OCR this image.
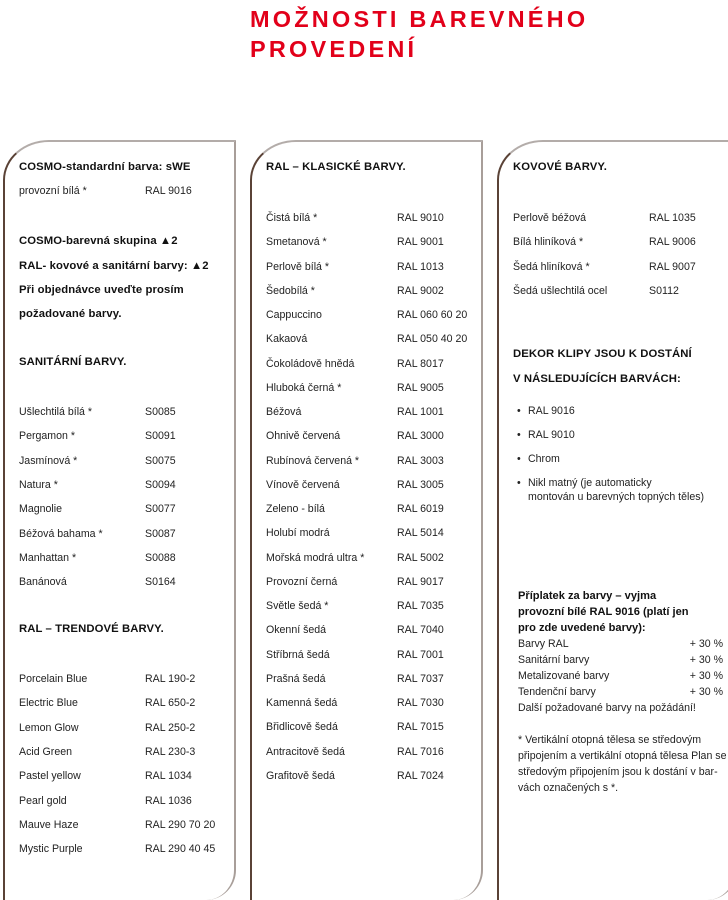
MOŽNOSTI BAREVNÉHO
PROVEDENÍ
COSMO-standardní barva: sWE
provozní bílá *	RAL 9016
COSMO-barevná skupina ▲2
RAL- kovové a sanitární barvy: ▲2
Při objednávce uveďte prosím
požadované barvy.
SANITÁRNÍ BARVY.
Ušlechtilá bílá *	S0085
Pergamon *	S0091
Jasmínová *	S0075
Natura *	S0094
Magnolie	S0077
Béžová bahama *	S0087
Manhattan *	S0088
Banánová	S0164
RAL – TRENDOVÉ BARVY.
Porcelain Blue	RAL 190-2
Electric Blue	RAL 650-2
Lemon Glow	RAL 250-2
Acid Green	RAL 230-3
Pastel yellow	RAL 1034
Pearl gold	RAL 1036
Mauve Haze	RAL 290 70 20
Mystic Purple	RAL 290 40 45
RAL – KLASICKÉ BARVY.
Čistá bílá *	RAL 9010
Smetanová *	RAL 9001
Perlově bílá *	RAL 1013
Šedobílá *	RAL 9002
Cappuccino	RAL 060 60 20
Kakaová	RAL 050 40 20
Čokoládově hnědá	RAL 8017
Hluboká černá *	RAL 9005
Béžová	RAL 1001
Ohnivě červená	RAL 3000
Rubínová červená *	RAL 3003
Vínově červená	RAL 3005
Zeleno - bílá	RAL 6019
Holubí modrá	RAL 5014
Mořská modrá ultra *	RAL 5002
Provozní černá	RAL 9017
Světle šedá *	RAL 7035
Okenní šedá	RAL 7040
Stříbrná šedá	RAL 7001
Prašná šedá	RAL 7037
Kamenná šedá	RAL 7030
Břidlicově šedá	RAL 7015
Antracitově šedá	RAL 7016
Grafitově šedá	RAL 7024
KOVOVÉ BARVY.
Perlově béžová	RAL 1035
Bílá hliníková *	RAL 9006
Šedá hliníková *	RAL 9007
Šedá ušlechtilá ocel	S0112
DEKOR KLIPY JSOU K DOSTÁNÍ
V NÁSLEDUJÍCÍCH BARVÁCH:
• RAL 9016
• RAL 9010
• Chrom
• Nikl matný (je automaticky
montován u barevných topných těles)
Příplatek za barvy – vyjma
provozní bílé RAL 9016 (platí jen
pro zde uvedené barvy):
Barvy RAL	+ 30 %
Sanitární barvy	+ 30 %
Metalizované barvy	+ 30 %
Tendenční barvy	+ 30 %
Další požadované barvy na požádání!
* Vertikální otopná tělesa se středovým
připojením a vertikální otopná tělesa Plan se
středovým připojením jsou k dostání v bar-
vách označených s *.
